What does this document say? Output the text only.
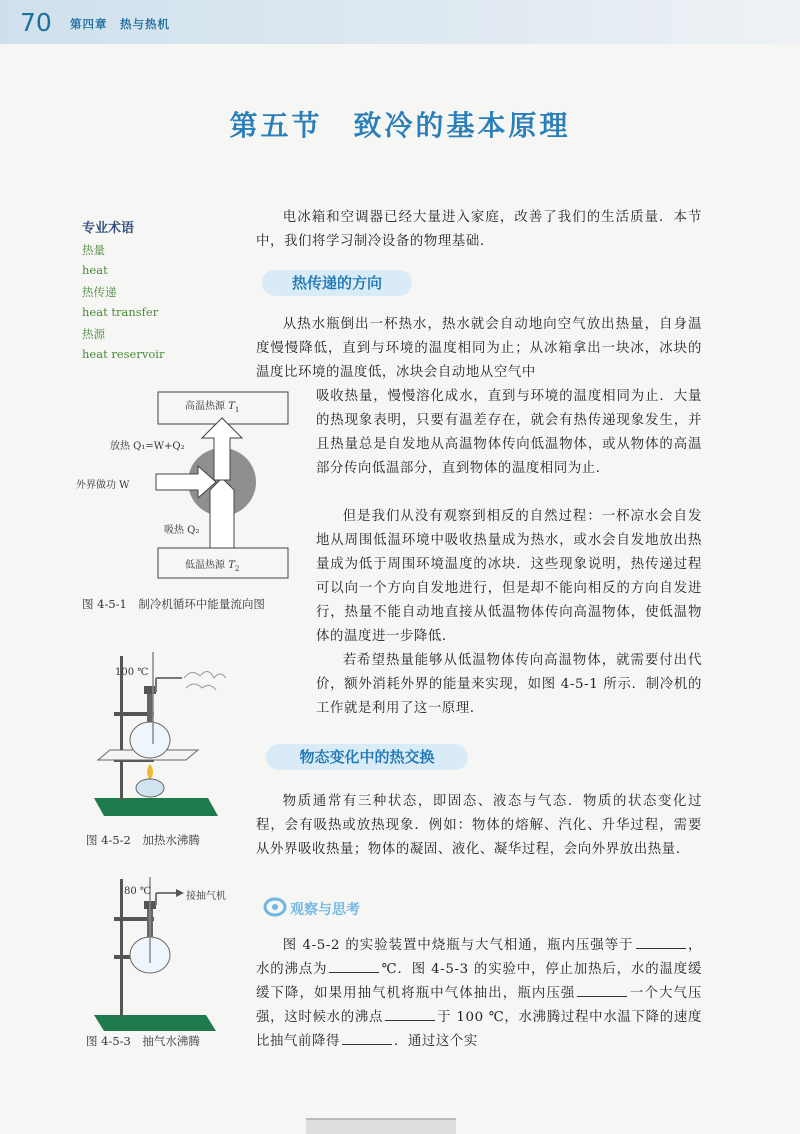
70 第四章　热与热机
第五节　致冷的基本原理
专业术语
热量
heat
热传递
heat transfer
热源
heat reservoir

电冰箱和空调器已经大量进入家庭，改善了我们的生活质量．本节中，我们将学习制冷设备的物理基础．

热传递的方向

从热水瓶倒出一杯热水，热水就会自动地向空气放出热量，自身温度慢慢降低，直到与环境的温度相同为止；从冰箱拿出一块冰，冰块的温度比环境的温度低，冰块会自动地从空气中

吸收热量，慢慢溶化成水，直到与环境的温度相同为止．大量的热现象表明，只要有温差存在，就会有热传递现象发生，并且热量总是自发地从高温物体传向低温物体，或从物体的高温部分传向低温部分，直到物体的温度相同为止．

但是我们从没有观察到相反的自然过程：一杯凉水会自发地从周围低温环境中吸收热量成为热水，或水会自发地放出热量成为低于周围环境温度的冰块．这些现象说明，热传递过程可以向一个方向自发地进行，但是却不能向相反的方向自发进行，热量不能自动地直接从低温物体传向高温物体，使低温物体的温度进一步降低．

若希望热量能够从低温物体传向高温物体，就需要付出代价，额外消耗外界的能量来实现，如图 4-5-1 所示．制冷机的工作就是利用了这一原理．

物态变化中的热交换

物质通常有三种状态，即固态、液态与气态．物质的状态变化过程，会有吸热或放热现象．例如：物体的熔解、汽化、升华过程，需要从外界吸收热量；物体的凝固、液化、凝华过程，会向外界放出热量．

观察与思考

图 4-5-2 的实验装置中烧瓶与大气相通，瓶内压强等于	，水的沸点为	℃．图 4-5-3 的实验中，停止加热后，水的温度缓缓下降，如果用抽气机将瓶中气体抽出，瓶内压强	一个大气压强，这时候水的沸点	于 100 ℃，水沸腾过程中水温下降的速度比抽气前降得	．通过这个实

高温热源 $T_1$
低温热源 $T_2$
放热 Q₁=W+Q₂
外界做功 W
吸热 Q₂
图 4-5-1　制冷机循环中能量流向图
100 ℃
图 4-5-2　加热水沸腾
80 ℃	接抽气机
图 4-5-3　抽气水沸腾
